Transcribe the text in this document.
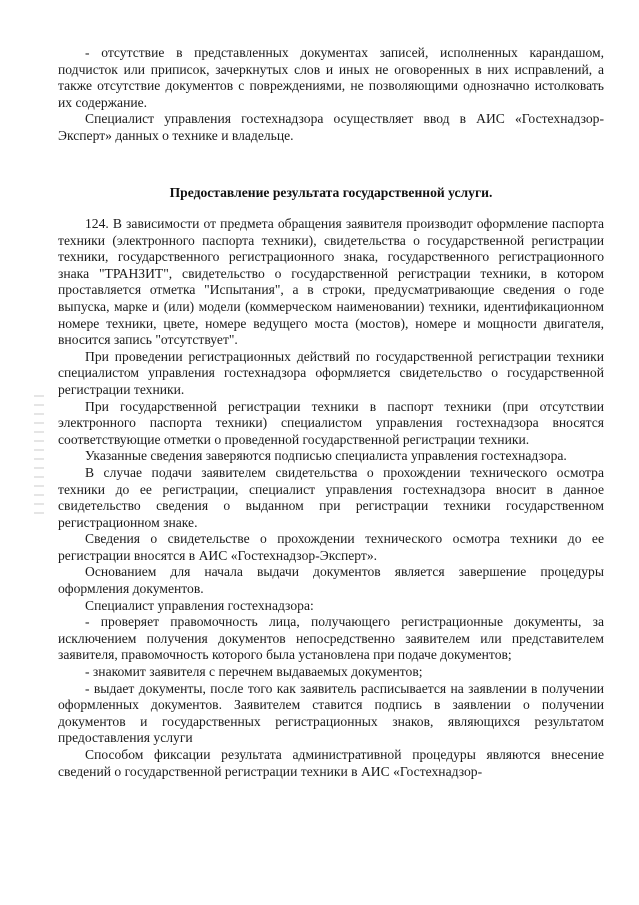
- отсутствие в представленных документах записей, исполненных карандашом, подчисток или приписок, зачеркнутых слов и иных не оговоренных в них исправлений, а также отсутствие документов с повреждениями, не позволяющими однозначно истолковать их содержание.

Специалист управления гостехнадзора осуществляет ввод в АИС «Гостехнадзор-Эксперт» данных о технике и владельце.

Предоставление результата государственной услуги.

124. В зависимости от предмета обращения заявителя производит оформление паспорта техники (электронного паспорта техники), свидетельства о государственной регистрации техники, государственного регистрационного знака, государственного регистрационного знака "ТРАНЗИТ", свидетельство о государственной регистрации техники, в котором проставляется отметка "Испытания", а в строки, предусматривающие сведения о годе выпуска, марке и (или) модели (коммерческом наименовании) техники, идентификационном номере техники, цвете, номере ведущего моста (мостов), номере и мощности двигателя, вносится запись "отсутствует".

При проведении регистрационных действий по государственной регистрации техники специалистом управления гостехнадзора оформляется свидетельство о государственной регистрации техники.

При государственной регистрации техники в паспорт техники (при отсутствии электронного паспорта техники) специалистом управления гостехнадзора вносятся соответствующие отметки о проведенной государственной регистрации техники.

Указанные сведения заверяются подписью специалиста управления гостехнадзора.

В случае подачи заявителем свидетельства о прохождении технического осмотра техники до ее регистрации, специалист управления гостехнадзора вносит в данное свидетельство сведения о выданном при регистрации техники государственном регистрационном знаке.

Сведения о свидетельстве о прохождении технического осмотра техники до ее регистрации вносятся в АИС «Гостехнадзор-Эксперт».

Основанием для начала выдачи документов является завершение процедуры оформления документов.

Специалист управления гостехнадзора:

- проверяет правомочность лица, получающего регистрационные документы, за исключением получения документов непосредственно заявителем или представителем заявителя, правомочность которого была установлена при подаче документов;

- знакомит заявителя с перечнем выдаваемых документов;

- выдает документы, после того как заявитель расписывается на заявлении в получении оформленных документов. Заявителем ставится подпись в заявлении о получении документов и государственных регистрационных знаков, являющихся результатом предоставления услуги

Способом фиксации результата административной процедуры являются внесение сведений о государственной регистрации техники в АИС «Гостехнадзор-
